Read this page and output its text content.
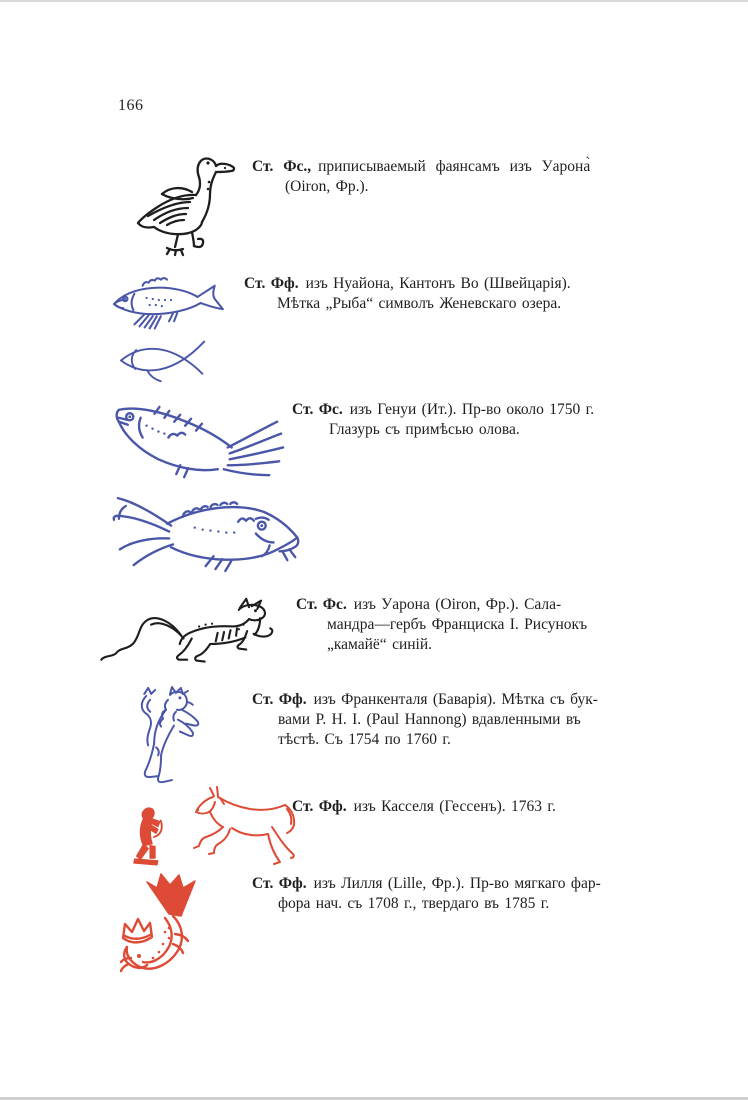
166
Ст. Фс., приписываемый фаянсамъ изъ Уарона̀
(Oiron, Фр.).
Ст. Фф. изъ Нуайона, Кантонъ Во (Швейцарія).
Мѣтка „Рыба“ символъ Женевскаго озера.
Ст. Фс. изъ Генуи (Ит.). Пр-во около 1750 г.
Глазурь съ примѣсью олова.
Ст. Фс. изъ Уарона (Oiron, Фр.). Сала-
мандра—гербъ Франциска I. Рисунокъ
„камайё“ синій.
Ст. Фф. изъ Франкенталя (Баварія). Мѣтка съ бук-
вами P. H. I. (Paul Hannong) вдавленными въ
тѣстѣ. Съ 1754 по 1760 г.
Ст. Фф. изъ Касселя (Гессенъ). 1763 г.
Ст. Фф. изъ Лилля (Lille, Фр.). Пр-во мягкаго фар-
фора нач. съ 1708 г., твердаго въ 1785 г.
